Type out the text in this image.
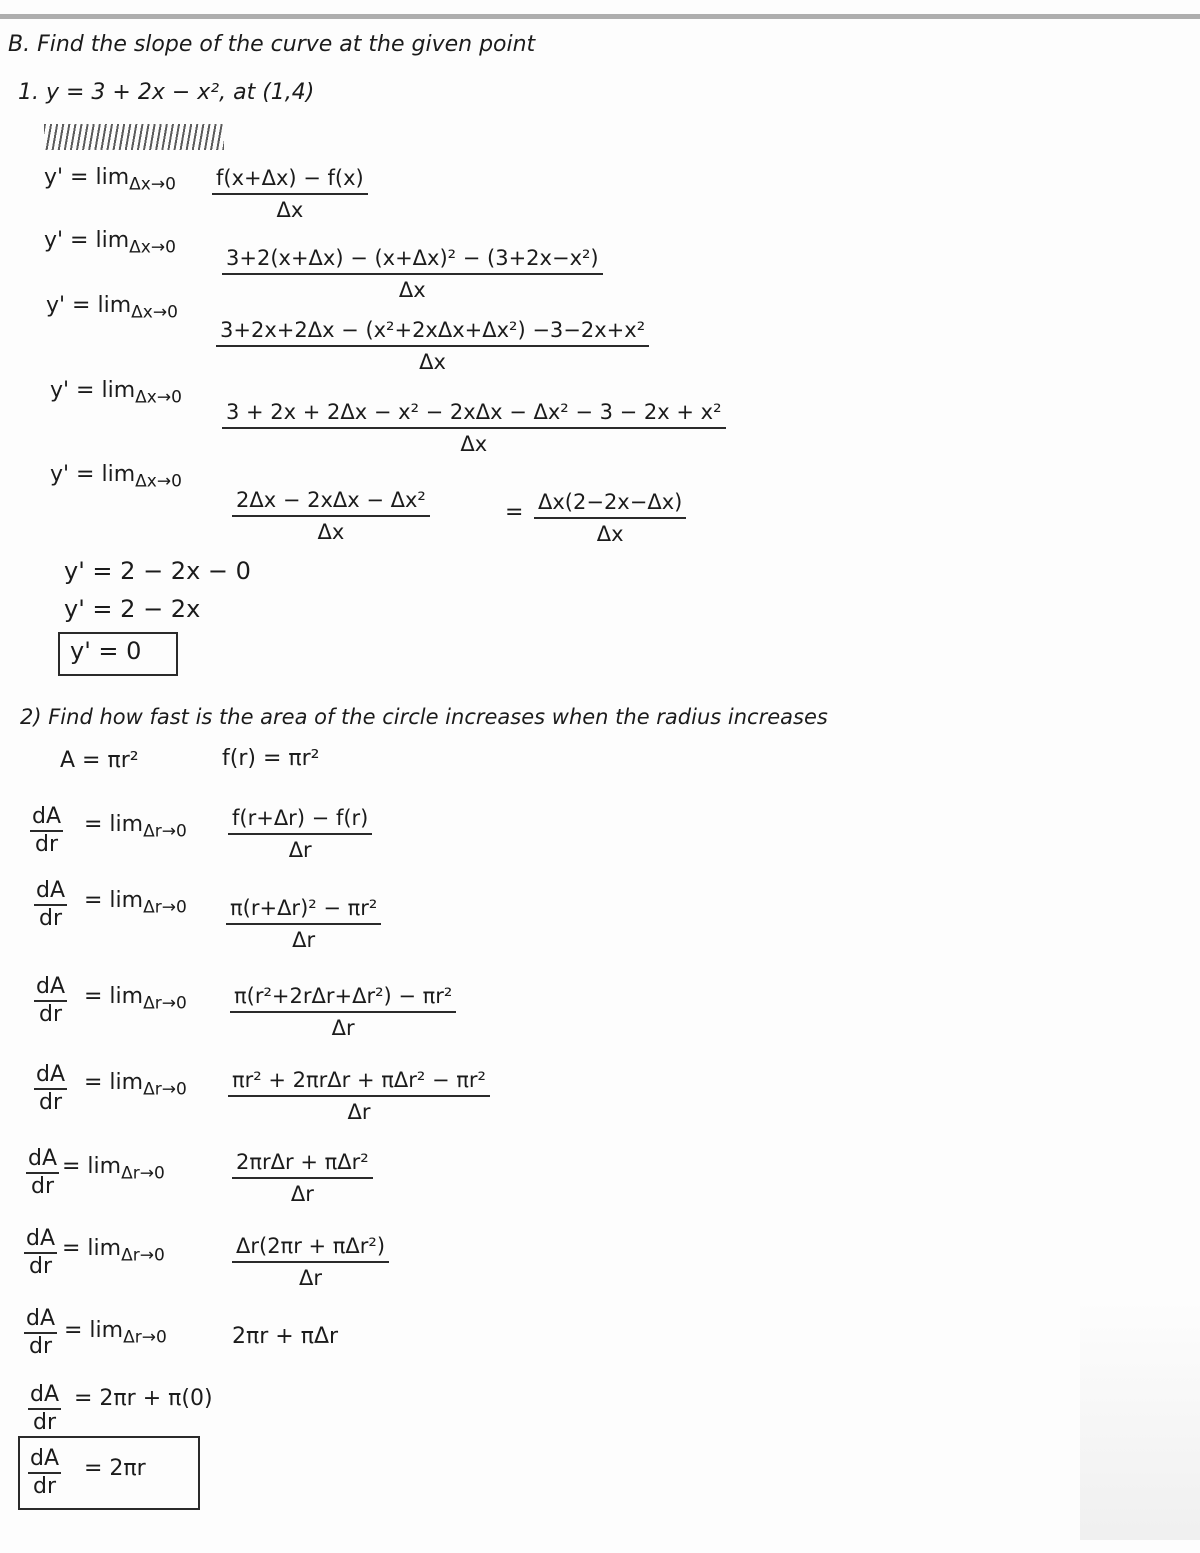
B. Find the slope of the curve at the given point
1. y = 3 + 2x − x², at (1,4)
$y' = \lim_{\Delta x\to 0} \frac{f(x+\Delta x) - f(x)}{\Delta x}$
$y' = \lim_{\Delta x\to 0} \frac{\text{3+2(x+Δx) − (x+Δx)² − (3+2x−x²)}}{\Delta x}$
$y' = \lim_{\Delta x\to 0}$
3+2x+2Δx − (x²+2xΔx+Δx²) −3−2x+x²
Δx
$y' = \lim_{\Delta x\to 0}$
3 + 2x + 2Δx − x² − 2xΔx − Δx² − 3 − 2x + x²
Δx
$y' = \lim_{\Delta x\to 0}$
2Δx − 2xΔx − Δx²
Δx
= $\frac{\Delta x(2-2x-\Delta x)}{\Delta x}$
y' = 2 − 2x − 0
y' = 2 − 2x
y' = 0
2) Find how fast is the area of the circle increases when the radius increases
A = πr²	f(r) = πr²
$\frac{dA}{dr} = \lim_{\Delta r\to 0} \frac{f(r+\Delta r) - f(r)}{\Delta r}$
$\frac{dA}{dr} = \lim_{\Delta r\to 0} \frac{\text{π(r+Δr)² − πr²}}{\Delta r}$
$\frac{dA}{dr} = \lim_{\Delta r\to 0} \pi(r^2+2r\Delta r+\Delta r^2) - \pi r^2$
Δr
$\frac{dA}{dr} = \lim_{\Delta r\to 0} \pi r^2 + 2\pi r\Delta r + \pi\Delta r^2 - \pi r^2$
Δr
$\frac{dA}{dr} = \lim_{\Delta r\to 0}$	2πrΔr + πΔr²
Δr
$\frac{dA}{dr} = \lim_{\Delta r\to 0}$	Δr(2πr + πΔr²)
Δr
$\frac{dA}{dr} = \lim_{\Delta r\to 0}$	2πr + πΔr
$\frac{dA}{dr} = 2\pi r + \pi(0)$
$\frac{dA}{dr} = 2\pi r$
